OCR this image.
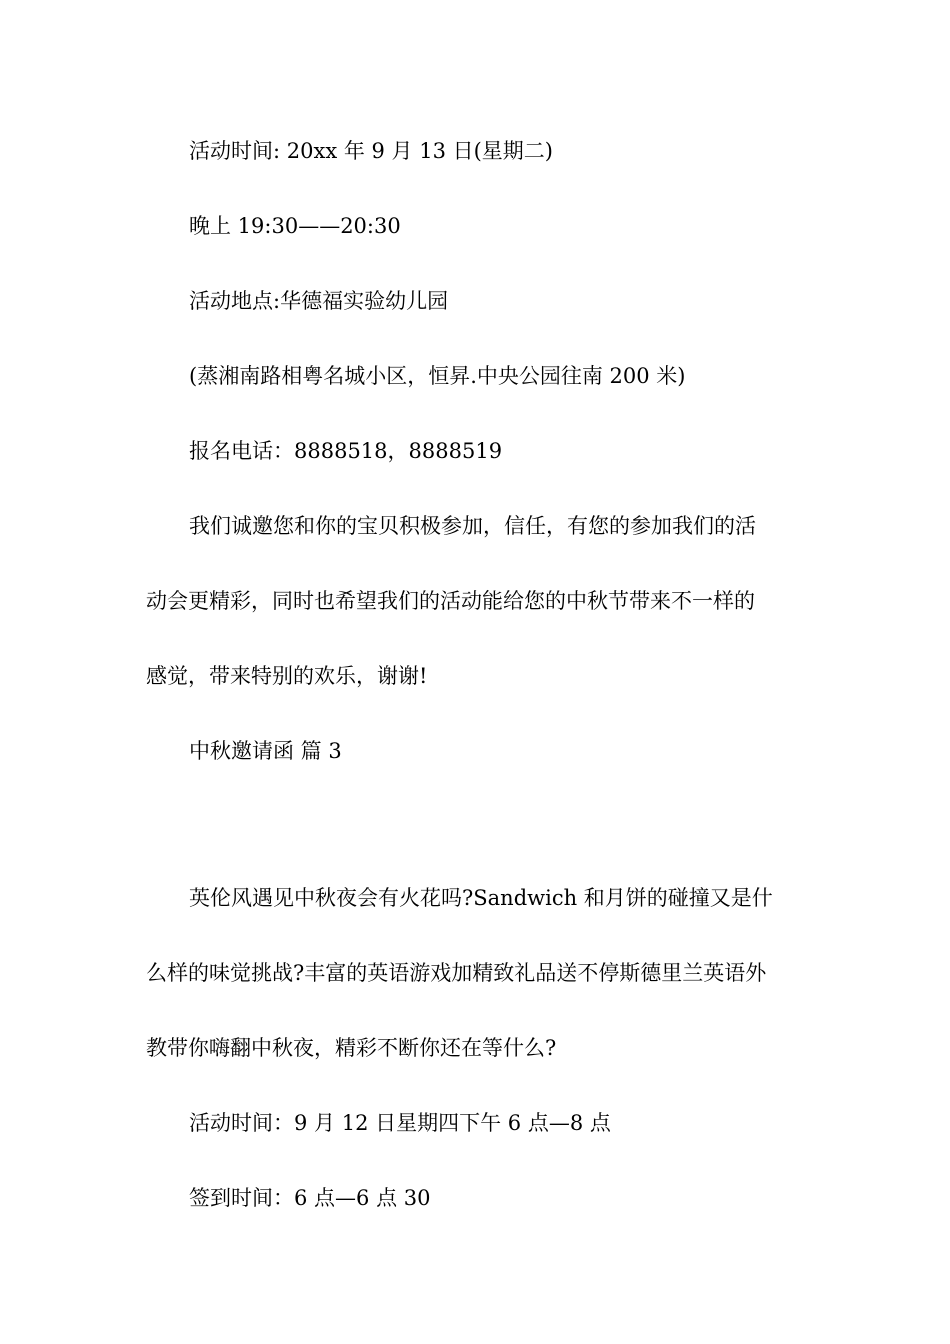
活动时间: 20xx 年 9 月 13 日(星期二)
晚上 19:30——20:30
活动地点:华德福实验幼儿园
(蒸湘南路相粤名城小区，恒昇.中央公园往南 200 米)
报名电话：8888518，8888519
我们诚邀您和你的宝贝积极参加，信任，有您的参加我们的活
动会更精彩，同时也希望我们的活动能给您的中秋节带来不一样的
感觉，带来特别的欢乐，谢谢!
中秋邀请函 篇 3
英伦风遇见中秋夜会有火花吗?Sandwich 和月饼的碰撞又是什
么样的味觉挑战?丰富的英语游戏加精致礼品送不停斯德里兰英语外
教带你嗨翻中秋夜，精彩不断你还在等什么?
活动时间：9 月 12 日星期四下午 6 点—8 点
签到时间：6 点—6 点 30
